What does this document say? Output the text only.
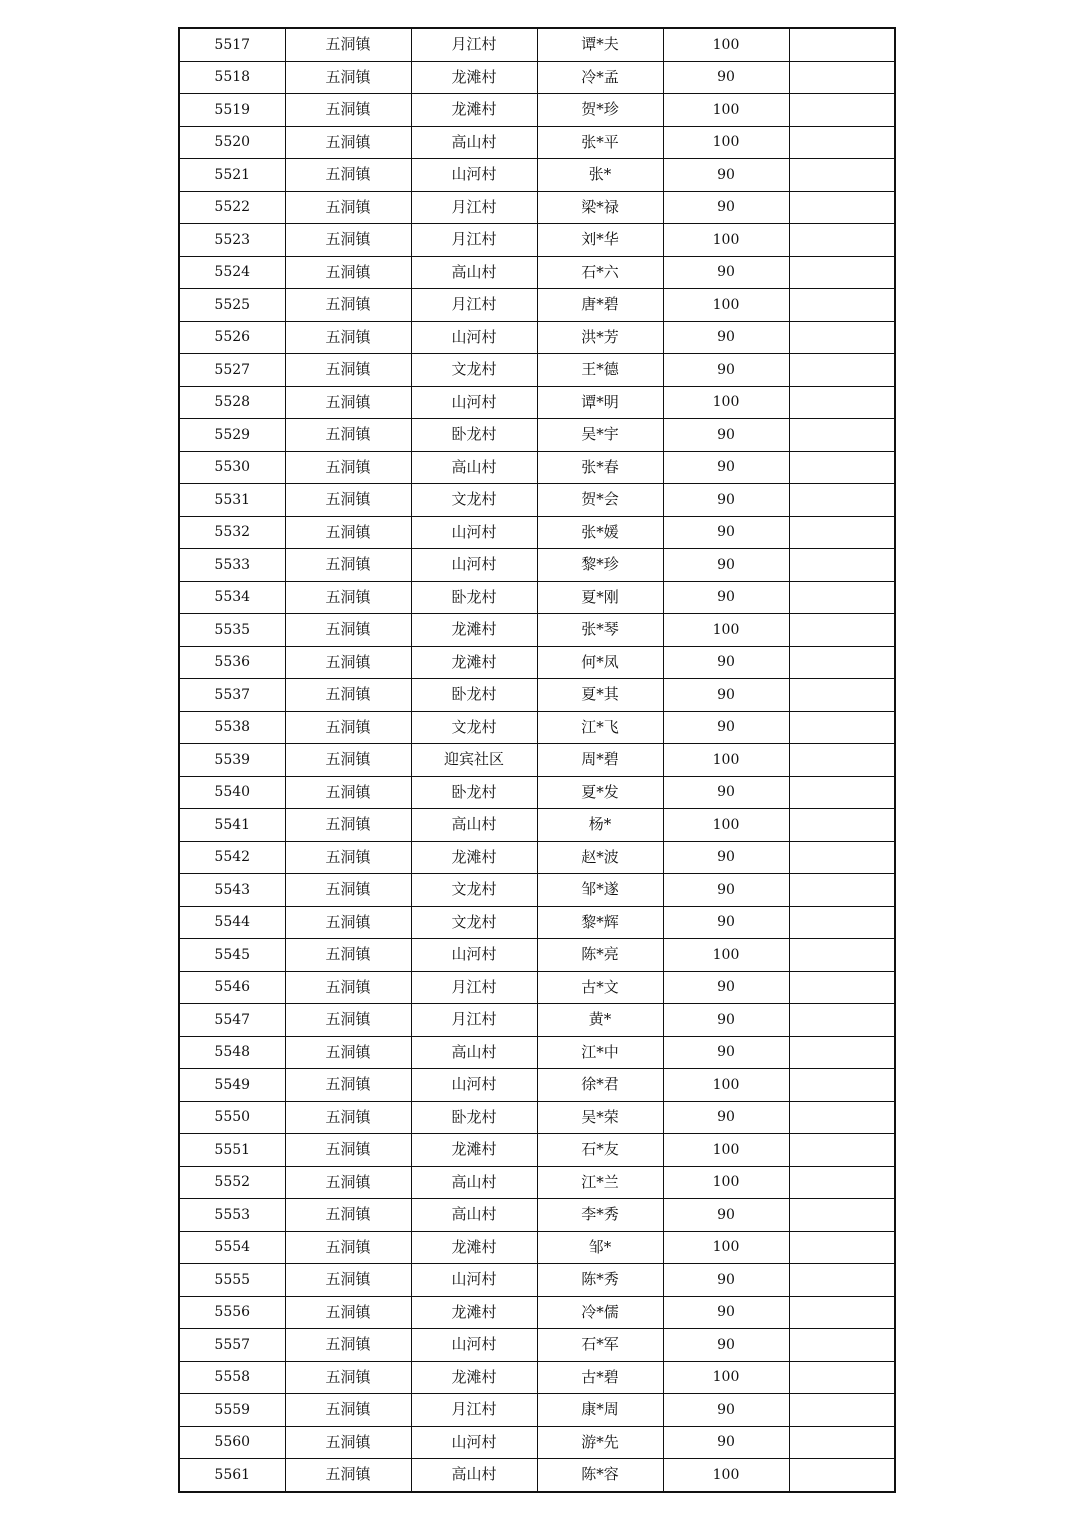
5517	五洞镇	月江村	谭*夫	100	
5518	五洞镇	龙滩村	冷*孟	90	
5519	五洞镇	龙滩村	贺*珍	100	
5520	五洞镇	高山村	张*平	100	
5521	五洞镇	山河村	张*	90	
5522	五洞镇	月江村	梁*禄	90	
5523	五洞镇	月江村	刘*华	100	
5524	五洞镇	高山村	石*六	90	
5525	五洞镇	月江村	唐*碧	100	
5526	五洞镇	山河村	洪*芳	90	
5527	五洞镇	文龙村	王*德	90	
5528	五洞镇	山河村	谭*明	100	
5529	五洞镇	卧龙村	吴*宇	90	
5530	五洞镇	高山村	张*春	90	
5531	五洞镇	文龙村	贺*会	90	
5532	五洞镇	山河村	张*媛	90	
5533	五洞镇	山河村	黎*珍	90	
5534	五洞镇	卧龙村	夏*刚	90	
5535	五洞镇	龙滩村	张*琴	100	
5536	五洞镇	龙滩村	何*凤	90	
5537	五洞镇	卧龙村	夏*其	90	
5538	五洞镇	文龙村	江*飞	90	
5539	五洞镇	迎宾社区	周*碧	100	
5540	五洞镇	卧龙村	夏*发	90	
5541	五洞镇	高山村	杨*	100	
5542	五洞镇	龙滩村	赵*波	90	
5543	五洞镇	文龙村	邹*遂	90	
5544	五洞镇	文龙村	黎*辉	90	
5545	五洞镇	山河村	陈*亮	100	
5546	五洞镇	月江村	古*文	90	
5547	五洞镇	月江村	黄*	90	
5548	五洞镇	高山村	江*中	90	
5549	五洞镇	山河村	徐*君	100	
5550	五洞镇	卧龙村	吴*荣	90	
5551	五洞镇	龙滩村	石*友	100	
5552	五洞镇	高山村	江*兰	100	
5553	五洞镇	高山村	李*秀	90	
5554	五洞镇	龙滩村	邹*	100	
5555	五洞镇	山河村	陈*秀	90	
5556	五洞镇	龙滩村	冷*儒	90	
5557	五洞镇	山河村	石*军	90	
5558	五洞镇	龙滩村	古*碧	100	
5559	五洞镇	月江村	康*周	90	
5560	五洞镇	山河村	游*先	90	
5561	五洞镇	高山村	陈*容	100	
